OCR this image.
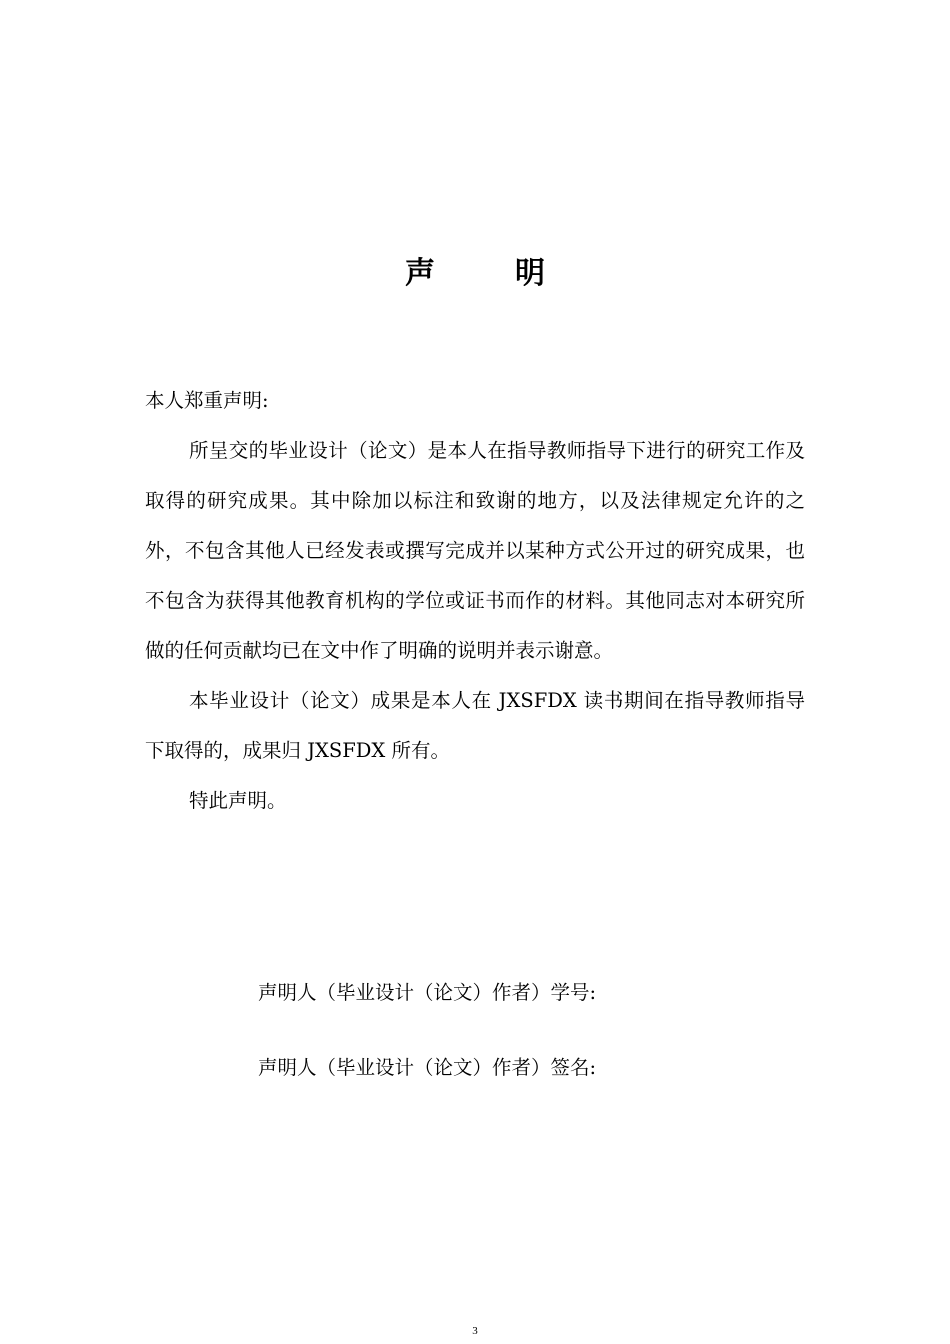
声	明

本人郑重声明:

所呈交的毕业设计（论文）是本人在指导教师指导下进行的研究工作及取得的研究成果。其中除加以标注和致谢的地方，以及法律规定允许的之外，不包含其他人已经发表或撰写完成并以某种方式公开过的研究成果，也不包含为获得其他教育机构的学位或证书而作的材料。其他同志对本研究所做的任何贡献均已在文中作了明确的说明并表示谢意。

本毕业设计（论文）成果是本人在 JXSFDX 读书期间在指导教师指导下取得的，成果归 JXSFDX 所有。

特此声明。

声明人（毕业设计（论文）作者）学号:
声明人（毕业设计（论文）作者）签名:
3
